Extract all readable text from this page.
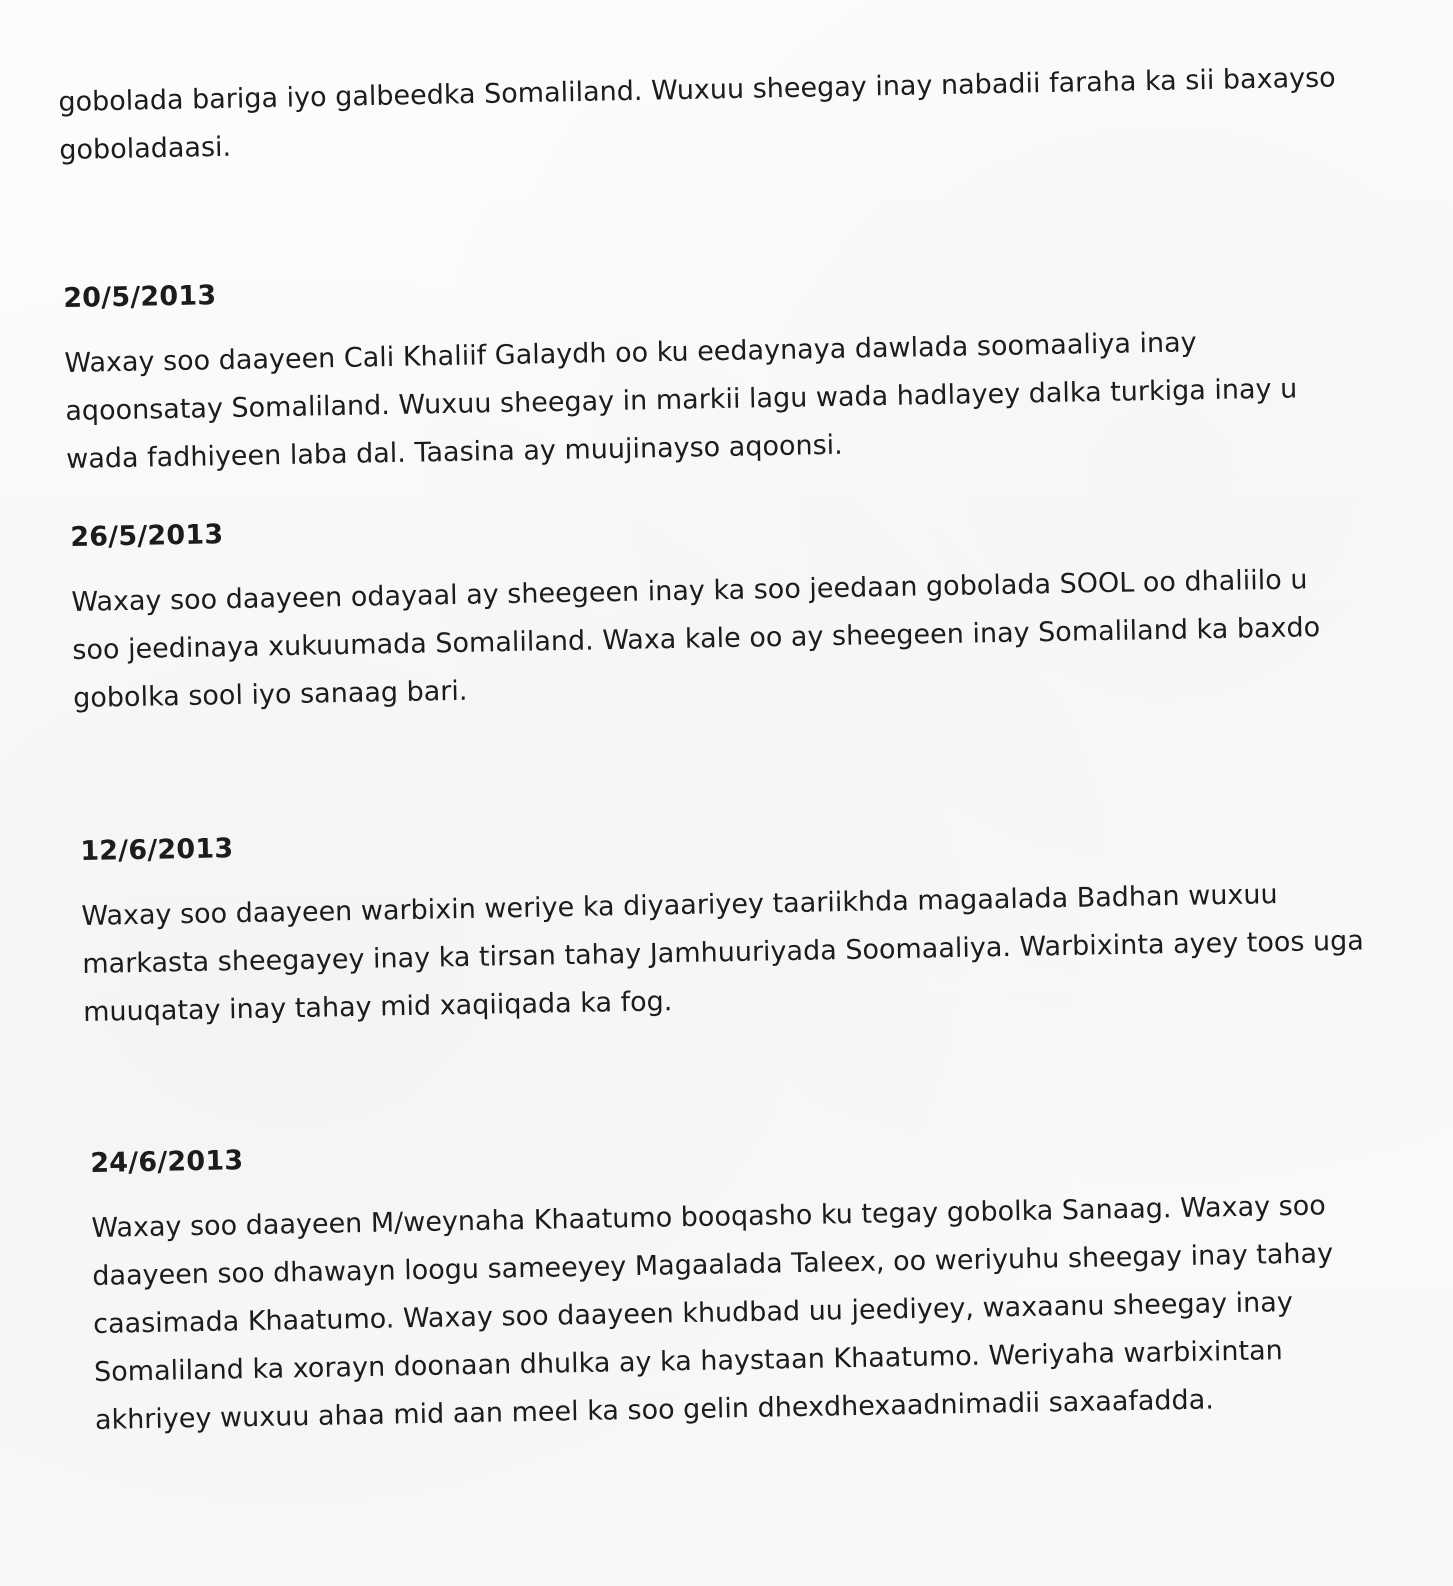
gobolada bariga iyo galbeedka Somaliland. Wuxuu sheegay inay nabadii faraha ka sii baxayso goboladaasi.

20/5/2013

Waxay soo daayeen Cali Khaliif Galaydh oo ku eedaynaya dawlada soomaaliya inay aqoonsatay Somaliland. Wuxuu sheegay in markii lagu wada hadlayey dalka turkiga inay u wada fadhiyeen laba dal. Taasina ay muujinayso aqoonsi.

26/5/2013

Waxay soo daayeen odayaal ay sheegeen inay ka soo jeedaan gobolada SOOL oo dhaliilo u soo jeedinaya xukuumada Somaliland. Waxa kale oo ay sheegeen inay Somaliland ka baxdo gobolka sool iyo sanaag bari.

12/6/2013

Waxay soo daayeen warbixin weriye ka diyaariyey taariikhda magaalada Badhan wuxuu markasta sheegayey inay ka tirsan tahay Jamhuuriyada Soomaaliya. Warbixinta ayey toos uga muuqatay inay tahay mid xaqiiqada ka fog.

24/6/2013

Waxay soo daayeen M/weynaha Khaatumo booqasho ku tegay gobolka Sanaag. Waxay soo daayeen soo dhawayn loogu sameeyey Magaalada Taleex, oo weriyuhu sheegay inay tahay caasimada Khaatumo. Waxay soo daayeen khudbad uu jeediyey, waxaanu sheegay inay Somaliland ka xorayn doonaan dhulka ay ka haystaan Khaatumo. Weriyaha warbixintan akhriyey wuxuu ahaa mid aan meel ka soo gelin dhexdhexaadnimadii saxaafadda.
